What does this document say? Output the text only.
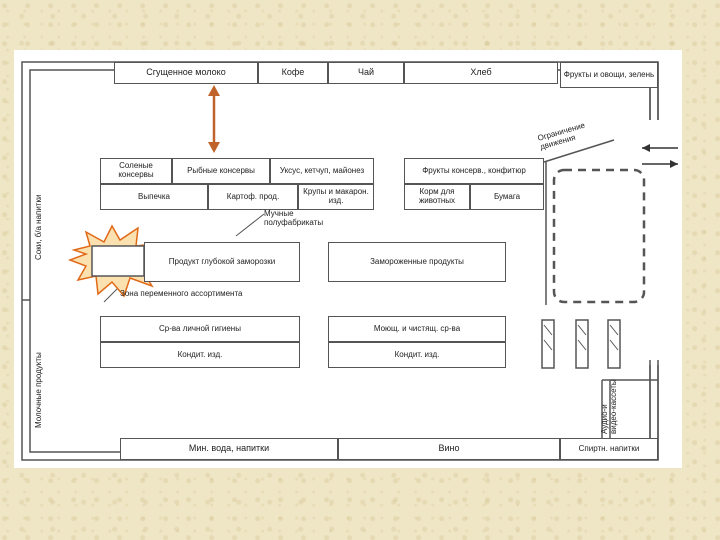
Сгущенное молоко	Кофе	Чай	Хлеб	Фрукты и овощи, зелень
Соки, б/а напитки
Молочные продукты
Соленые консервы	Рыбные консервы	Уксус, кетчуп, майонез
Выпечка	Картоф. прод.	Крупы и макарон. изд.
Мучные полуфабрикаты
Фрукты консерв., конфитюр
Корм для животных	Бумага
Продукт глубокой заморозки	Замороженные продукты
Зона переменного ассортимента
Ср-ва личной гигиены
Кондит. изд.
Моющ. и чистящ. ср-ва
Кондит. изд.
Мин. вода, напитки	Вино	Спиртн. напитки
Ограничение движения
Аудио-и видео-кассеты
